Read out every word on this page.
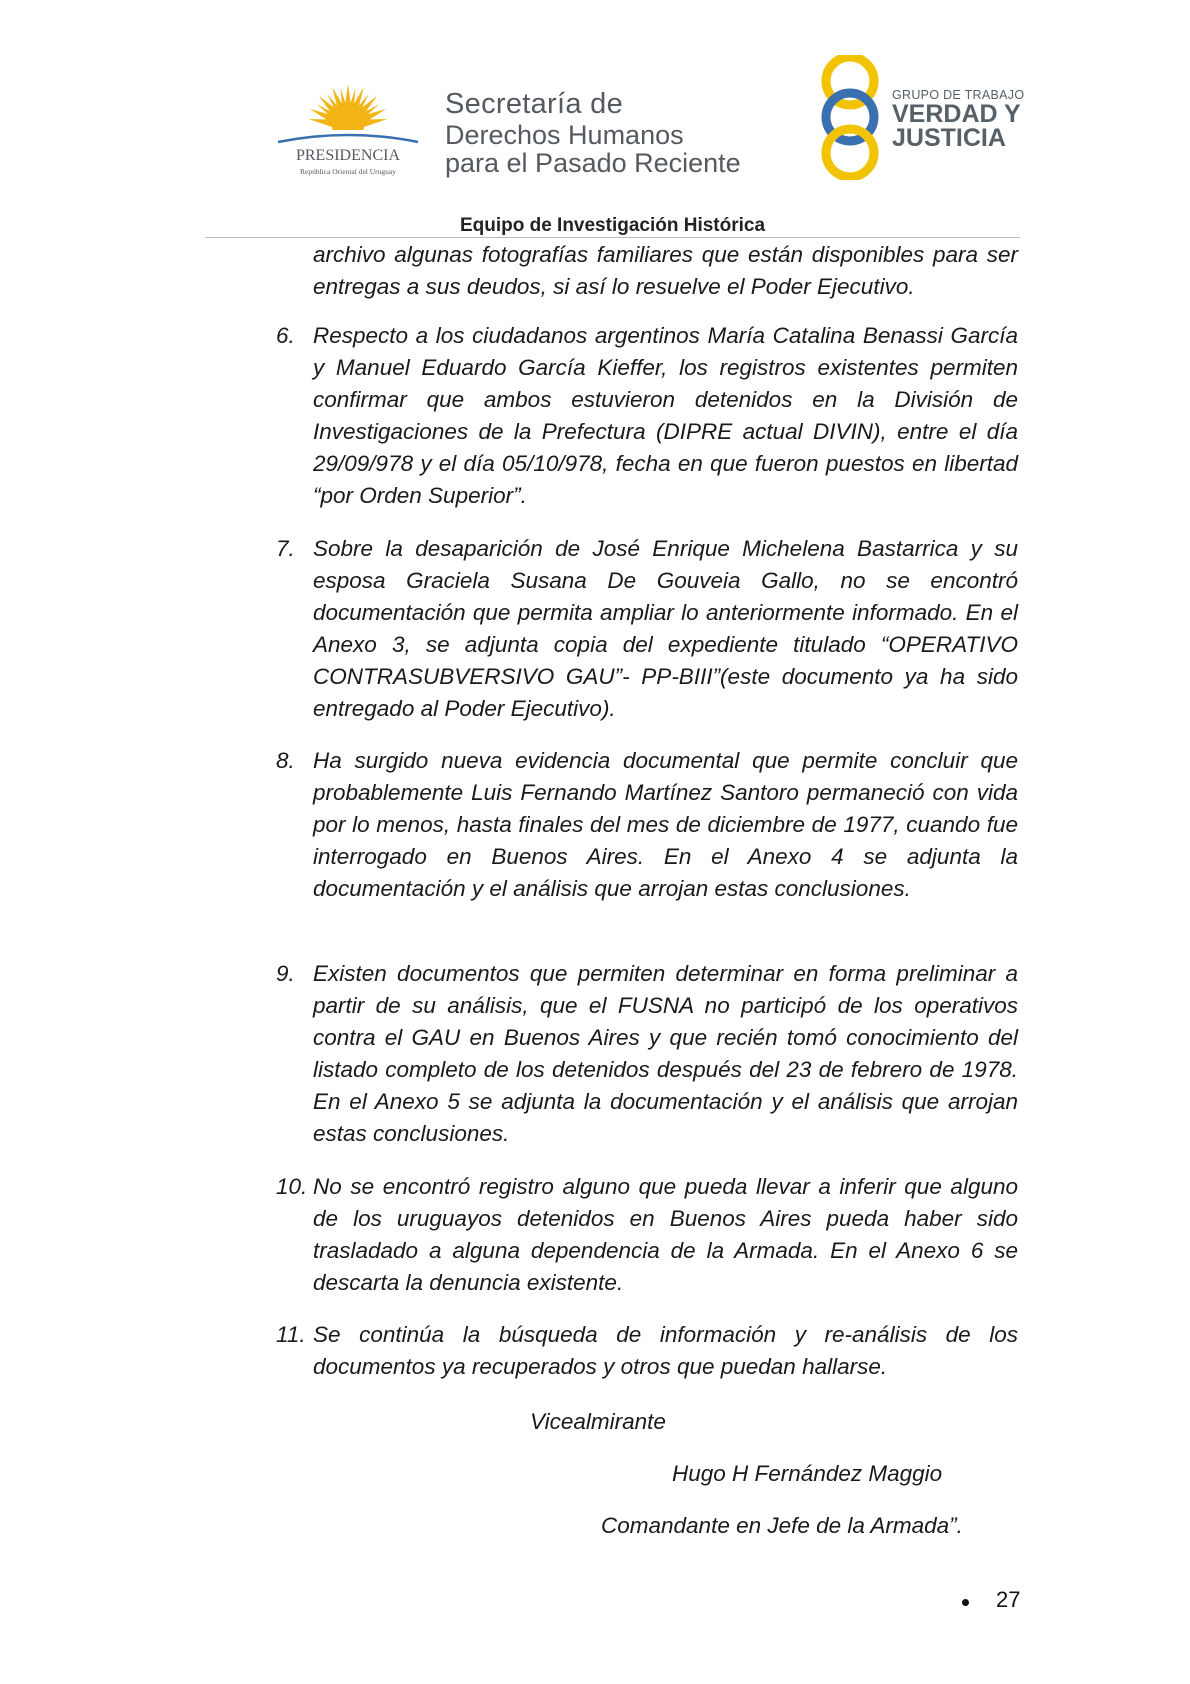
PRESIDENCIA
República Oriental del Uruguay
Secretaría de
Derechos Humanos
para el Pasado Reciente
GRUPO DE TRABAJO
VERDAD Y
JUSTICIA
Equipo de Investigación Histórica
archivo algunas fotografías familiares que están disponibles para ser entregas a sus deudos, si así lo resuelve el Poder Ejecutivo.
6. Respecto a los ciudadanos argentinos María Catalina Benassi García y Manuel Eduardo García Kieffer, los registros existentes permiten confirmar que ambos estuvieron detenidos en la División de Investigaciones de la Prefectura (DIPRE actual DIVIN), entre el día 29/09/978 y el día 05/10/978, fecha en que fueron puestos en libertad “por Orden Superior”.
7. Sobre la desaparición de José Enrique Michelena Bastarrica y su esposa Graciela Susana De Gouveia Gallo, no se encontró documentación que permita ampliar lo anteriormente informado. En el Anexo 3, se adjunta copia del expediente titulado “OPERATIVO CONTRASUBVERSIVO GAU”- PP-BIII”(este documento ya ha sido entregado al Poder Ejecutivo).
8. Ha surgido nueva evidencia documental que permite concluir que probablemente Luis Fernando Martínez Santoro permaneció con vida por lo menos, hasta finales del mes de diciembre de 1977, cuando fue interrogado en Buenos Aires. En el Anexo 4 se adjunta la documentación y el análisis que arrojan estas conclusiones.
9. Existen documentos que permiten determinar en forma preliminar a partir de su análisis, que el FUSNA no participó de los operativos contra el GAU en Buenos Aires y que recién tomó conocimiento del listado completo de los detenidos después del 23 de febrero de 1978. En el Anexo 5 se adjunta la documentación y el análisis que arrojan estas conclusiones.
10. No se encontró registro alguno que pueda llevar a inferir que alguno de los uruguayos detenidos en Buenos Aires pueda haber sido trasladado a alguna dependencia de la Armada. En el Anexo 6 se descarta la denuncia existente.
11. Se continúa la búsqueda de información y re-análisis de los documentos ya recuperados y otros que puedan hallarse.
Vicealmirante
Hugo H Fernández Maggio
Comandante en Jefe de la Armada”.
27
